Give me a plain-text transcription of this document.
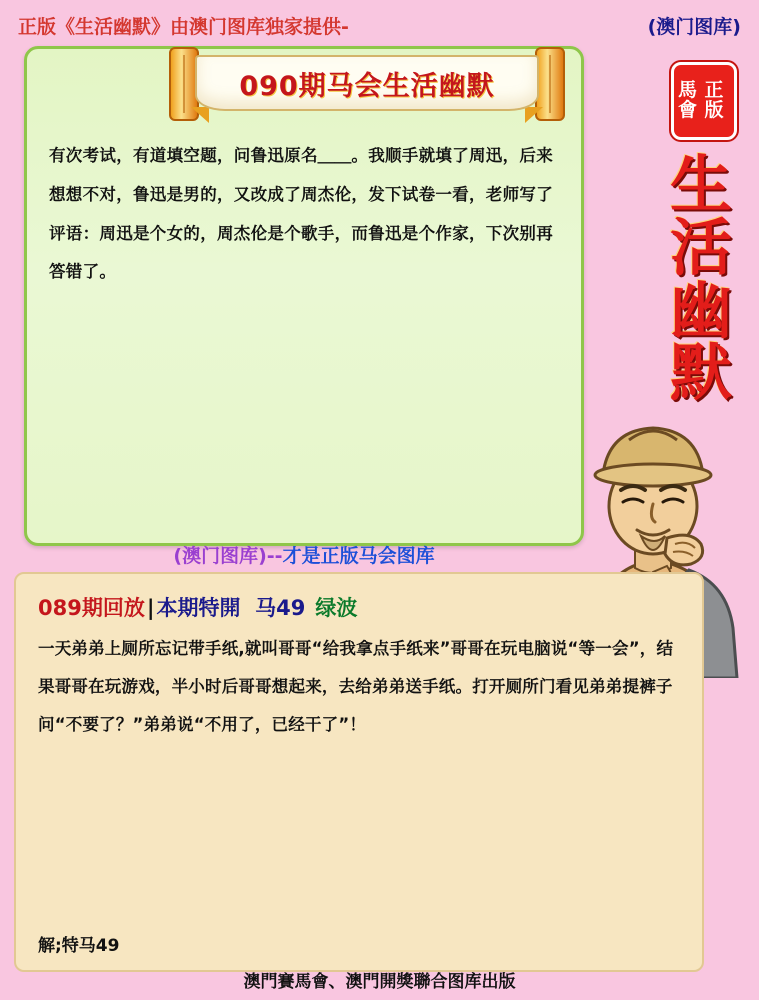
正版《生活幽默》由澳门图库独家提供-	(澳门图库)
090期马会生活幽默
有次考试，有道填空题，问鲁迅原名＿＿。我顺手就填了周迅，后来想想不对，鲁迅是男的，又改成了周杰伦，发下试卷一看，老师写了评语：周迅是个女的，周杰伦是个歌手，而鲁迅是个作家，下次别再答错了。
(澳门图库)--才是正版马会图库
正版
馬會
生
活
幽
默
089期回放|本期特開 马49 绿波
一天弟弟上厕所忘记带手纸,就叫哥哥“给我拿点手纸来”哥哥在玩电脑说“等一会”，结果哥哥在玩游戏，半小时后哥哥想起来，去给弟弟送手纸。打开厕所门看见弟弟提裤子问“不要了？”弟弟说“不用了，已经干了”！
解;特马49
澳門賽馬會、澳門開獎聯合图库出版
